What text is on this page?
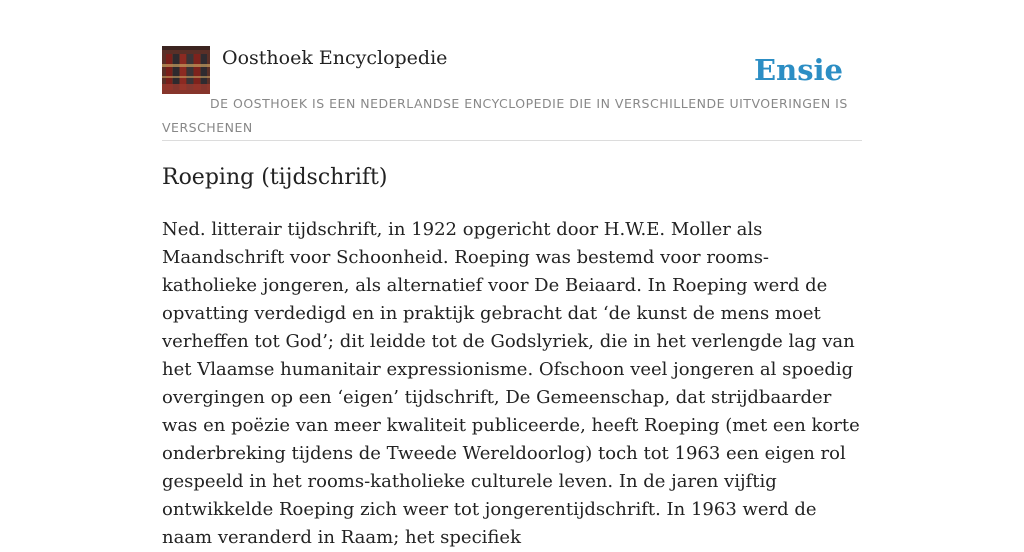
Oosthoek Encyclopedie	Ensie
DE OOSTHOEK IS EEN NEDERLANDSE ENCYCLOPEDIE DIE IN VERSCHILLENDE UITVOERINGEN IS VERSCHENEN
Roeping (tijdschrift)

Ned. litterair tijdschrift, in 1922 opgericht door H.W.E. Moller als Maandschrift voor Schoonheid. Roeping was bestemd voor rooms-katholieke jongeren, als alternatief voor De Beiaard. In Roeping werd de opvatting verdedigd en in praktijk gebracht dat ‘de kunst de mens moet verheffen tot God’; dit leidde tot de Godslyriek, die in het verlengde lag van het Vlaamse humanitair expressionisme. Ofschoon veel jongeren al spoedig overgingen op een ‘eigen’ tijdschrift, De Gemeenschap, dat strijdbaarder was en poëzie van meer kwaliteit publiceerde, heeft Roeping (met een korte onderbreking tijdens de Tweede Wereldoorlog) toch tot 1963 een eigen rol gespeeld in het rooms-katholieke culturele leven. In de jaren vijftig ontwikkelde Roeping zich weer tot jongerentijdschrift. In 1963 werd de naam veranderd in Raam; het specifiek
